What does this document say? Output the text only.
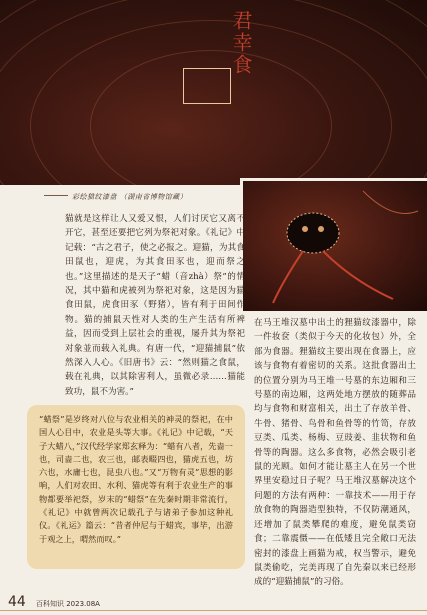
君幸食
彩绘猫纹漆盘 （湖南省博物馆藏）
猫就是这样让人又爱又恨，人们讨厌它又离不开它，甚至还要把它列为祭祀对象。《礼记》中记载：“古之君子，使之必报之。迎猫，为其食田鼠也，迎虎，为其食田豕也，迎而祭之也。”这里描述的是天子“蜡（音zhà）祭”的情况，其中猫和虎被列为祭祀对象，这是因为猫食田鼠，虎食田豕（野猪），皆有利于田间作物。猫的捕鼠天性对人类的生产生活有所裨益，因而受到上层社会的重视，屡升其为祭祀对象並而载入礼典。有唐一代，“迎猫捕鼠”依然深入人心。《旧唐书》云：“然则猫之食鼠，载在礼典，以其除害利人，虽微必录……猫能致功，鼠不为害。”
在马王堆汉墓中出土的狸猫纹漆器中，除一件妆奁（类似于今天的化妆包）外，全部为食器。狸猫纹主要出现在食器上，应该与食物有着密切的关系。这批食器出土的位置分别为马王堆一号墓的东边厢和三号墓的南边厢，这两处地方摆放的随葬品均与食物和财富相关，出土了存放羊骨、牛骨、猪骨、鸟骨和鱼骨等的竹笥，存放豆类、瓜类、杨梅、豆豉姜、韭状物和鱼骨等的陶器。这么多食物，必然会吸引老鼠的光顾。如何才能让墓主人在另一个世界里安稳过日子呢？马王堆汉墓解决这个问题的方法有两种：一靠技术——用于存放食物的陶器造型独特，不仅防潮通风，还增加了鼠类攀爬的难度，避免鼠类窃食；二靠震慑——在低矮且完全敞口无法密封的漆盘上画猫为戒，权当警示，避免鼠类偷吃，完美再现了自先秦以来已经形成的“迎猫捕鼠”的习俗。
“蜡祭”是岁终对八位与农业相关的神灵的祭祀，在中国人心目中，农业是头等大事。《礼记》中记载，“天子大蜡八，”汉代经学家郑玄释为：“蜡有八者，先啬一也，司啬二也，农三也，邮表畷四也，猫虎五也，坊六也，水庸七也，昆虫八也。”又“万物有灵”思想的影响，人们对农田、水利、猫虎等有利于农业生产的事物都要举祀祭，岁末的“蜡祭”在先秦时期非常流行，《礼记》中就曾两次记载孔子与诸弟子参加这种礼仪。《礼运》篇云：“昔者仲尼与于蜡宾，事毕，出游于观之上，喟然而叹。”
44 百科知识 2023.08A
